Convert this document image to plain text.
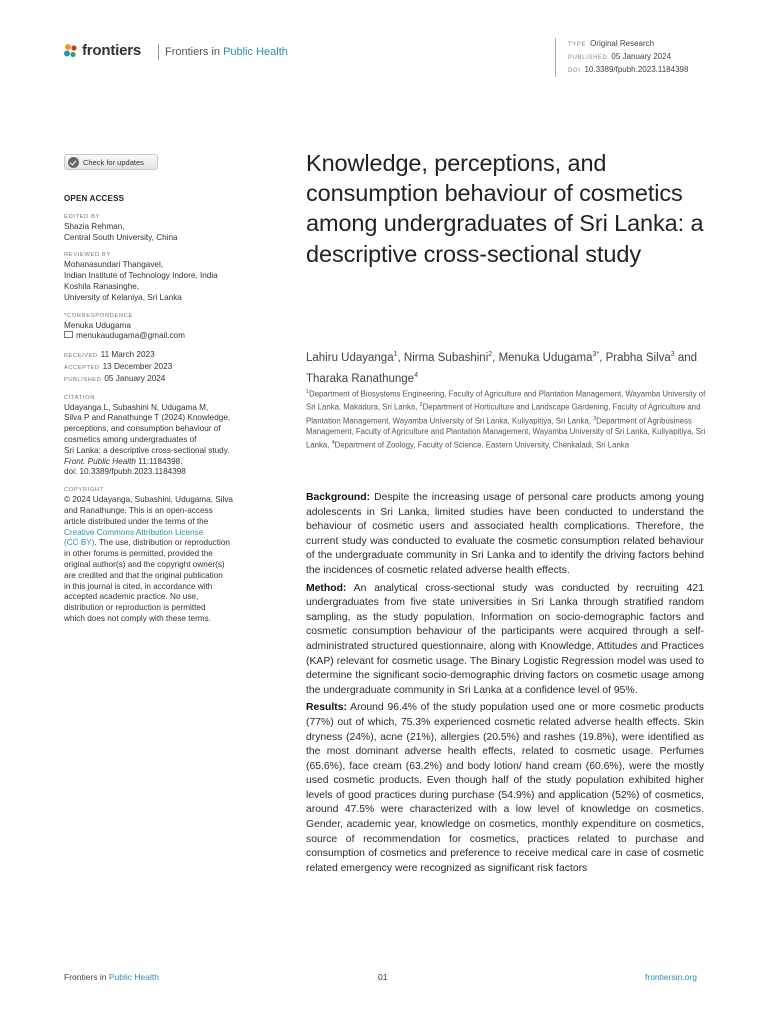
frontiers	Frontiers in Public Health
TYPE Original Research
PUBLISHED 05 January 2024
DOI 10.3389/fpubh.2023.1184398
Check for updates
OPEN ACCESS
EDITED BY
Shazia Rehman,
Central South University, China
REVIEWED BY
Mohanasundari Thangavel,
Indian Institute of Technology Indore, India
Koshila Ranasinghe,
University of Kelaniya, Sri Lanka
*CORRESPONDENCE
Menuka Udugama
menukaudugama@gmail.com
RECEIVED 11 March 2023
ACCEPTED 13 December 2023
PUBLISHED 05 January 2024
CITATION
Udayanga L, Subashini N, Udugama M,
Silva P and Ranathunge T (2024) Knowledge,
perceptions, and consumption behaviour of
cosmetics among undergraduates of
Sri Lanka: a descriptive cross-sectional study.
Front. Public Health 11:1184398.
doi: 10.3389/fpubh.2023.1184398
COPYRIGHT
© 2024 Udayanga, Subashini, Udugama, Silva
and Ranathunge. This is an open-access
article distributed under the terms of the
Creative Commons Attribution License
(CC BY). The use, distribution or reproduction
in other forums is permitted, provided the
original author(s) and the copyright owner(s)
are credited and that the original publication
in this journal is cited, in accordance with
accepted academic practice. No use,
distribution or reproduction is permitted
which does not comply with these terms.
Knowledge, perceptions, and consumption behaviour of cosmetics among undergraduates of Sri Lanka: a descriptive cross-sectional study
Lahiru Udayanga$^1$, Nirma Subashini$^2$, Menuka Udugama$^{3*}$, Prabha Silva$^3$ and Tharaka Ranathunge$^4$
$^1$Department of Biosystems Engineering, Faculty of Agriculture and Plantation Management, Wayamba University of Sri Lanka, Makadura, Sri Lanka, $^2$Department of Horticulture and Landscape Gardening, Faculty of Agriculture and Plantation Management, Wayamba University of Sri Lanka, Kuliyapitiya, Sri Lanka, $^3$Department of Agribusiness Management, Faculty of Agriculture and Plantation Management, Wayamba University of Sri Lanka, Kuliyapitiya, Sri Lanka, $^4$Department of Zoology, Faculty of Science, Eastern University, Chenkaladi, Sri Lanka

Background: Despite the increasing usage of personal care products among young adolescents in Sri Lanka, limited studies have been conducted to understand the behaviour of cosmetic users and associated health complications. Therefore, the current study was conducted to evaluate the cosmetic consumption related behaviour of the undergraduate community in Sri Lanka and to identify the driving factors behind the incidences of cosmetic related adverse health effects.

Method: An analytical cross-sectional study was conducted by recruiting 421 undergraduates from five state universities in Sri Lanka through stratified random sampling, as the study population. Information on socio-demographic factors and cosmetic consumption behaviour of the participants were acquired through a self-administrated structured questionnaire, along with Knowledge, Attitudes and Practices (KAP) relevant for cosmetic usage. The Binary Logistic Regression model was used to determine the significant socio-demographic driving factors on cosmetic usage among the undergraduate community in Sri Lanka at a confidence level of 95%.

Results: Around 96.4% of the study population used one or more cosmetic products (77%) out of which, 75.3% experienced cosmetic related adverse health effects. Skin dryness (24%), acne (21%), allergies (20.5%) and rashes (19.8%), were identified as the most dominant adverse health effects, related to cosmetic usage. Perfumes (65.6%), face cream (63.2%) and body lotion/ hand cream (60.6%), were the mostly used cosmetic products. Even though half of the study population exhibited higher levels of good practices during purchase (54.9%) and application (52%) of cosmetics, around 47.5% were characterized with a low level of knowledge on cosmetics. Gender, academic year, knowledge on cosmetics, monthly expenditure on cosmetics, source of recommendation for cosmetics, practices related to purchase and consumption of cosmetics and preference to receive medical care in case of cosmetic related emergency were recognized as significant risk factors

Frontiers in Public Health	01	frontiersin.org
